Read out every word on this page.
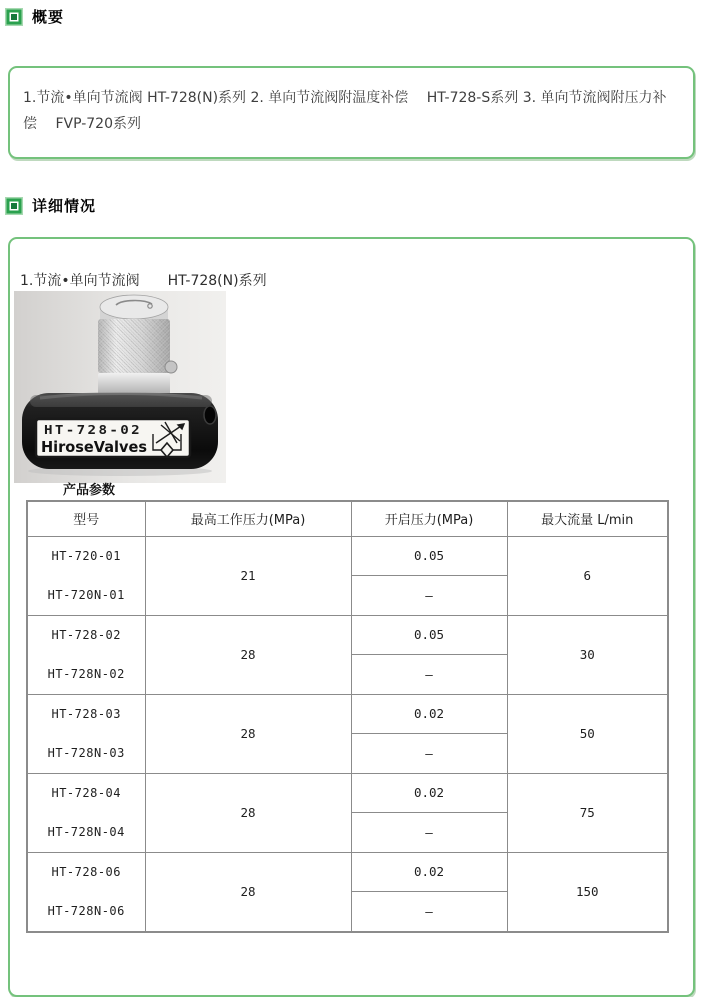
概要

1.节流•单向节流阀 HT-728(N)系列 2. 单向节流阀附温度补偿　 HT-728-S系列 3. 单向节流阀附压力补偿　 FVP-720系列

详细情况
1.节流•单向节流阀　　HT-728(N)系列
HT-728-02
HiroseValves
产品参数
型号	最高工作压力(MPa)	开启压力(MPa)	最大流量 L/min

HT-720-01
HT-720N-01	21	0.05	6
		—	

HT-728-02
HT-728N-02	28	0.05	30
		—	

HT-728-03
HT-728N-03	28	0.02	50
		—	

HT-728-04
HT-728N-04	28	0.02	75
		—	

HT-728-06
HT-728N-06	28	0.02	150
		—	
